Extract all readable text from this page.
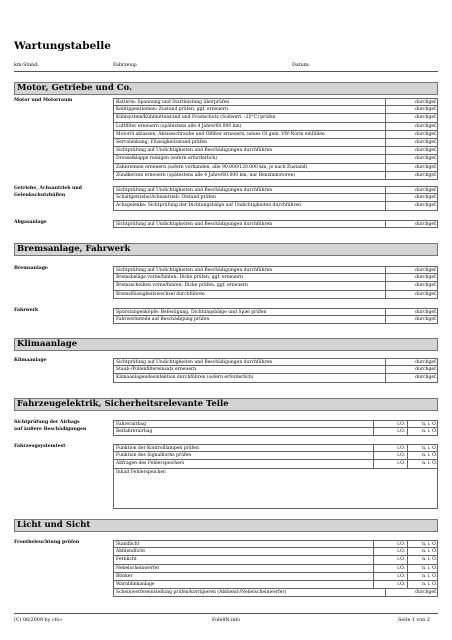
Wartungstabelle
km-Stand:	Fahrzeug:	Datum:
Motor, Getriebe und Co.
Motor und Motorraum	Batterie: Spannung und Startleistung überprüfen	durchgef.
Keilrippenriemen: Zustand prüfen, ggf. erneuern	durchgef.
Kühlsystem/Kühlmittelstand und Frostschutz (Sollwert: -25°C) prüfen	durchgef.
Luftfilter erneuern (spätestens alle 4 Jahre/60.000 km)	durchgef.
Motoröl ablassen, Ablassschraube und Ölfilter erneuern, neues Öl gem. VW-Norm einfüllen	durchgef.
Servolenkung: Flüssigkeitsstand prüfen	durchgef.
Sichtprüfung auf Undichtigkeiten und Beschädigungen durchführen	durchgef.
Drosselklappe reinigen (sofern erforderlich)	durchgef.
Zahnriemen erneuern (sofern vorhanden, alle 90.000/120.000 km, je nach Zustand)	durchgef.
Zündkerzen erneuern (spätestens alle 4 Jahre/60.000 km, nur Benzinmotoren)	durchgef.
Getriebe, Achsantrieb und Gelenkschutzhüllen
Sichtprüfung auf Undichtigkeiten und Beschädigungen durchführen	durchgef.
Schaltgetriebe/Achsantrieb: Ölstand prüfen	durchgef.
Achsgelenke: Sichtprüfung der Dichtungsbälge auf Undichtigkeiten durchführen	durchgef.
Abgasanlage	Sichtprüfung auf Undichtigkeiten und Beschädigungen durchführen	durchgef.
Bremsanlage, Fahrwerk
Bremsanlage	Sichtprüfung auf Undichtigkeiten und Beschädigungen durchführen	durchgef.
Bremsbeläge vorne/hinten: Dicke prüfen, ggf. erneuern	durchgef.
Bremsscheiben vorne/hinten: Dicke prüfen, ggf. erneuern	durchgef.
Bremsflüssigkeitswechsel durchführen	durchgef.
Fahrwerk	Spurstangenköpfe: Befestigung, Dichtungsbälge und Spiel prüfen	durchgef.
Fahrwerksteile auf Beschädigung prüfen	durchgef.
Klimaanlage
Klimaanlage	Sichtprüfung auf Undichtigkeiten und Beschädigungen durchführen	durchgef.
Staub-/Pollenfiltereinsatz erneuern	durchgef.
Klimaanlagendesinfektion durchführen (sofern erforderlich)	durchgef.
Fahrzeugelektrik, Sicherheitsrelevante Teile
Sichtprüfung der Airbags
auf äußere Beschädigungen
Fahrerairbag	i.O.	n. i. O.
Beifahrerairbag	i.O.	n. i. O.
Fahrzeugsystemtest	Funktion der Kontrolllampen prüfen	i.O.	n. i. O.
Funktion des Signalhorns prüfen	i.O.	n. i. O.
Abfragen des Fehlerspeichers	i.O.	n. i. O.
Inhalt Fehlerspeicher:
Licht und Sicht
Frontbeleuchtung prüfen	Standlicht	i.O.	n. i. O.
Abblendlicht	i.O.	n. i. O.
Fernlicht	i.O.	n. i. O.
Nebelscheinwerfer	i.O.	n. i. O.
Blinker	i.O.	n. i. O.
Warnblinkanlage	i.O.	n. i. O.
Scheinwerfereinstellung prüfen/korrigieren (Abblend-/Nebelscheinwerfer)	durchgef.
(C) 06/2009 by «fo»	Fole8N.info	Seite 1 von 2
